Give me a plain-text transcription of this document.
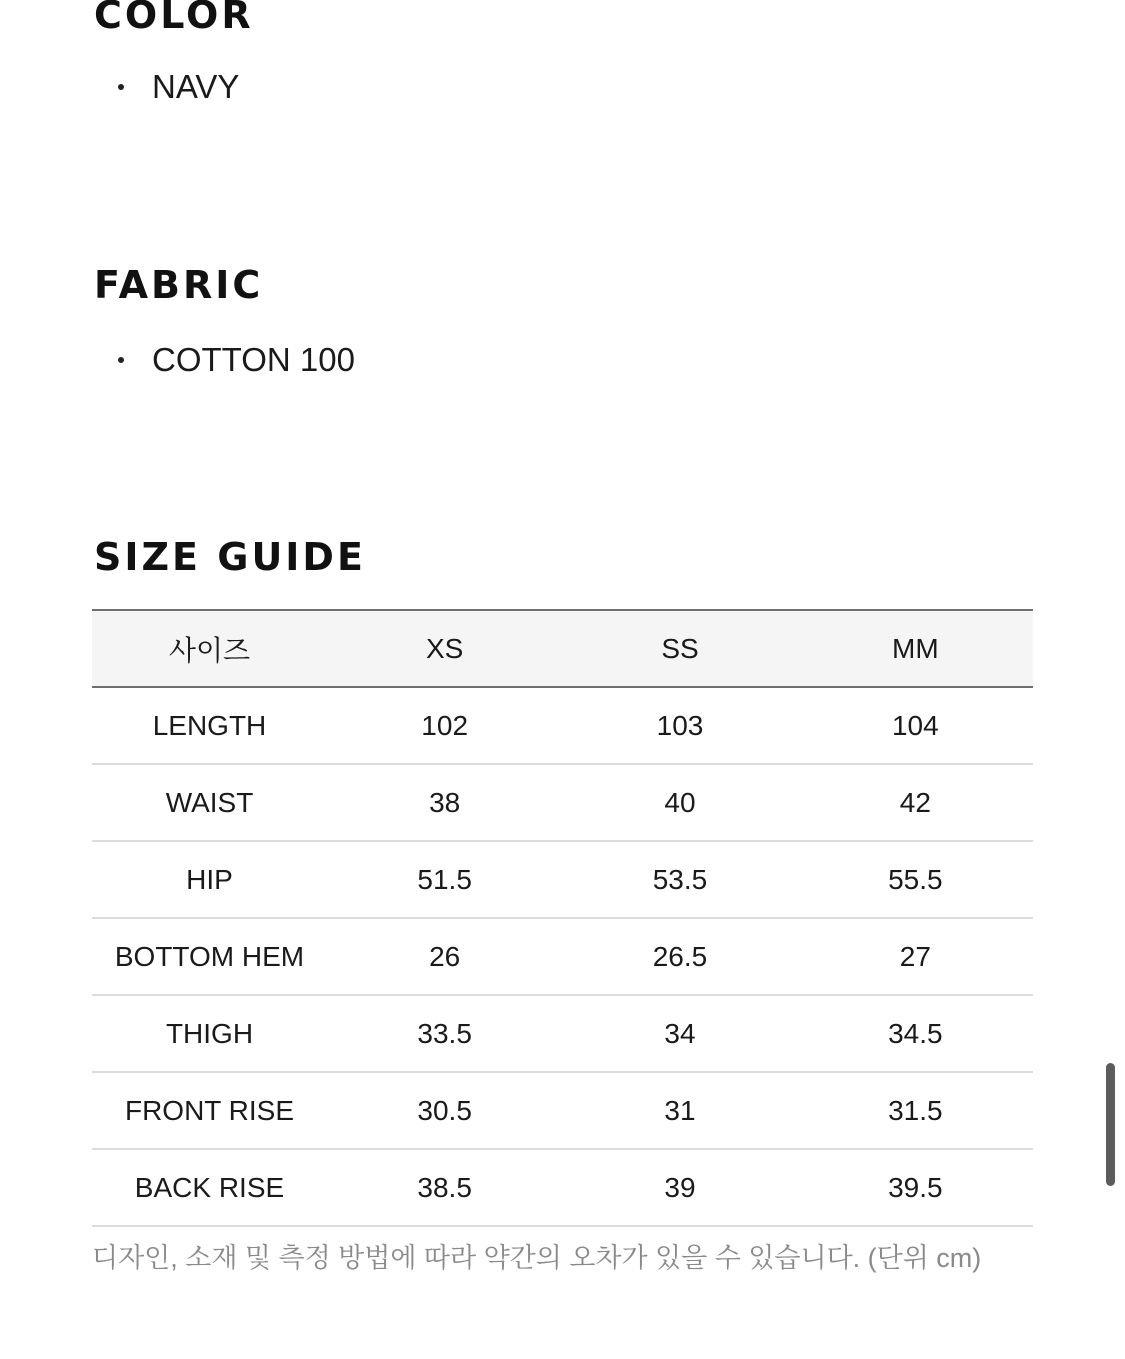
COLOR
NAVY
FABRIC
COTTON 100
SIZE GUIDE
사이즈	XS	SS	MM
LENGTH	102	103	104
WAIST	38	40	42
HIP	51.5	53.5	55.5
BOTTOM HEM	26	26.5	27
THIGH	33.5	34	34.5
FRONT RISE	30.5	31	31.5
BACK RISE	38.5	39	39.5

디자인, 소재 및 측정 방법에 따라 약간의 오차가 있을 수 있습니다. (단위 cm)
